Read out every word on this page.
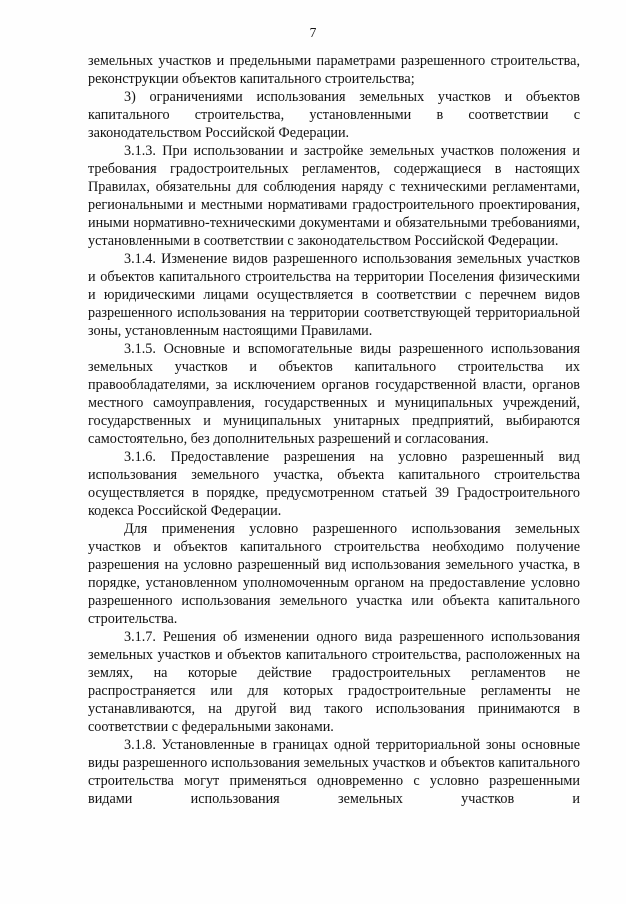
7

земельных участков и предельными параметрами разрешенного строительства, реконструкции объектов капитального строительства;

3) ограничениями использования земельных участков и объектов капитального строительства, установленными в соответствии с законодательством Российской Федерации.

3.1.3. При использовании и застройке земельных участков положения и требования градостроительных регламентов, содержащиеся в настоящих Правилах, обязательны для соблюдения наряду с техническими регламентами, региональными и местными нормативами градостроительного проектирования, иными нормативно-техническими документами и обязательными требованиями, установленными в соответствии с законодательством Российской Федерации.

3.1.4. Изменение видов разрешенного использования земельных участков и объектов капитального строительства на территории Поселения физическими и юридическими лицами осуществляется в соответствии с перечнем видов разрешенного использования на территории соответствующей территориальной зоны, установленным настоящими Правилами.

3.1.5. Основные и вспомогательные виды разрешенного использования земельных участков и объектов капитального строительства их правообладателями, за исключением органов государственной власти, органов местного самоуправления, государственных и муниципальных учреждений, государственных и муниципальных унитарных предприятий, выбираются самостоятельно, без дополнительных разрешений и согласования.

3.1.6. Предоставление разрешения на условно разрешенный вид использования земельного участка, объекта капитального строительства осуществляется в порядке, предусмотренном статьей 39 Градостроительного кодекса Российской Федерации.

Для применения условно разрешенного использования земельных участков и объектов капитального строительства необходимо получение разрешения на условно разрешенный вид использования земельного участка, в порядке, установленном уполномоченным органом на предоставление условно разрешенного использования земельного участка или объекта капитального строительства.

3.1.7. Решения об изменении одного вида разрешенного использования земельных участков и объектов капитального строительства, расположенных на землях, на которые действие градостроительных регламентов не распространяется или для которых градостроительные регламенты не устанавливаются, на другой вид такого использования принимаются в соответствии с федеральными законами.

3.1.8. Установленные в границах одной территориальной зоны основные виды разрешенного использования земельных участков и объектов капитального строительства могут применяться одновременно с условно разрешенными видами использования земельных участков и
